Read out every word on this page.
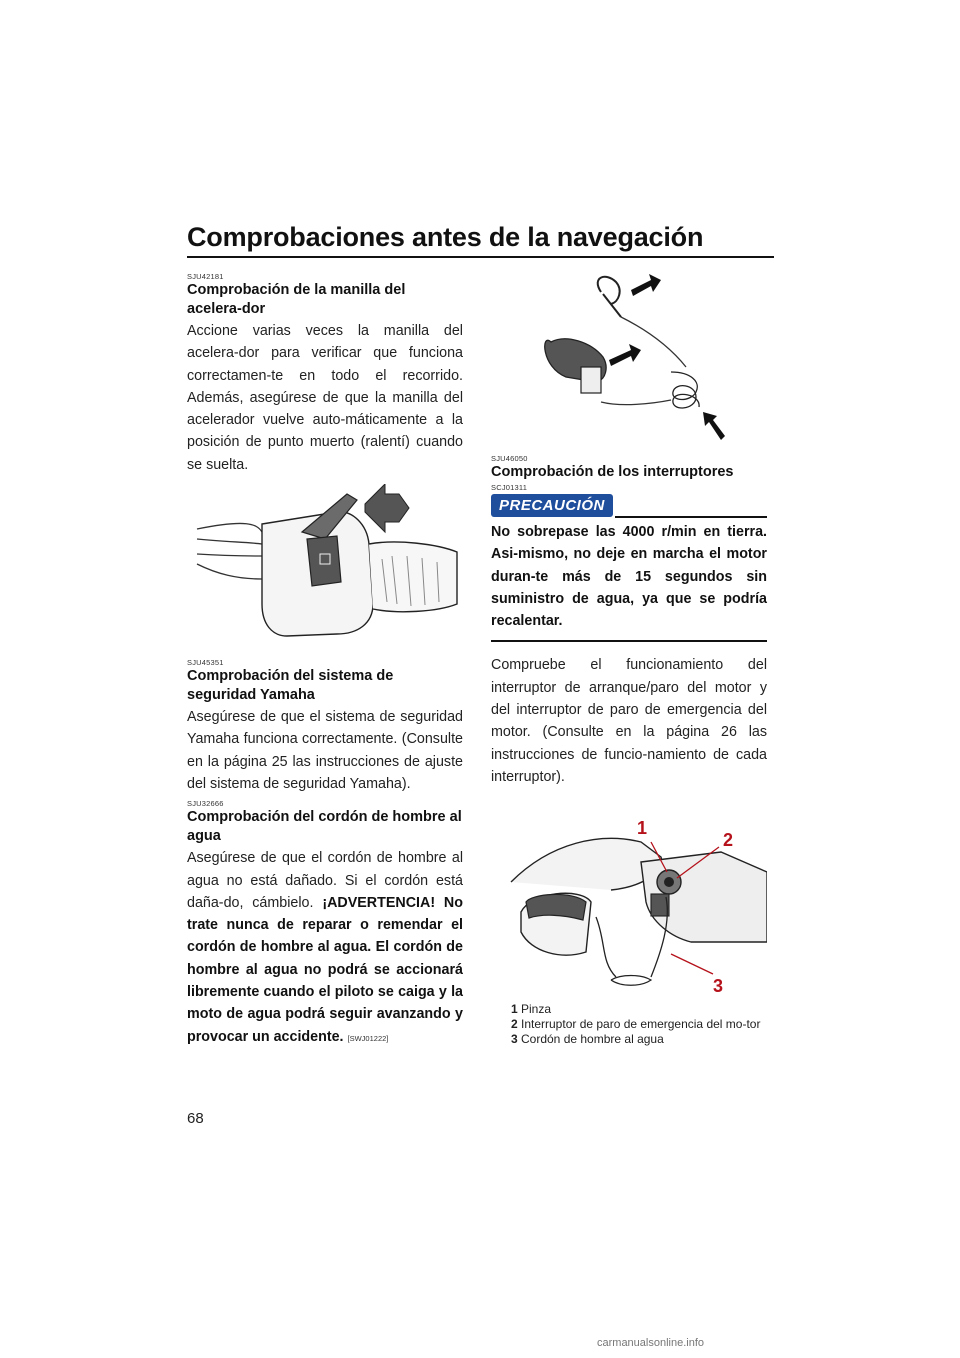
Comprobaciones antes de la navegación
SJU42181
Comprobación de la manilla del acelera-dor
Accione varias veces la manilla del acelera-dor para verificar que funciona correctamen-te en todo el recorrido. Además, asegúrese de que la manilla del acelerador vuelve auto-máticamente a la posición de punto muerto (ralentí) cuando se suelta.
SJU45351
Comprobación del sistema de seguridad Yamaha
Asegúrese de que el sistema de seguridad Yamaha funciona correctamente. (Consulte en la página 25 las instrucciones de ajuste del sistema de seguridad Yamaha).
SJU32666
Comprobación del cordón de hombre al agua
Asegúrese de que el cordón de hombre al agua no está dañado. Si el cordón está daña-do, cámbielo. ¡ADVERTENCIA! No trate nunca de reparar o remendar el cordón de hombre al agua. El cordón de hombre al agua no podrá se accionará libremente cuando el piloto se caiga y la moto de agua podrá seguir avanzando y provocar un accidente. [SWJ01222]
SJU46050
Comprobación de los interruptores
SCJ01311
PRECAUCIÓN
No sobrepase las 4000 r/min en tierra. Asi-mismo, no deje en marcha el motor duran-te más de 15 segundos sin suministro de agua, ya que se podría recalentar.
Compruebe el funcionamiento del interruptor de arranque/paro del motor y del interruptor de paro de emergencia del motor. (Consulte en la página 26 las instrucciones de funcio-namiento de cada interruptor).
1
2
3
1 Pinza
2 Interruptor de paro de emergencia del mo-tor
3 Cordón de hombre al agua
68
carmanualsonline.info
